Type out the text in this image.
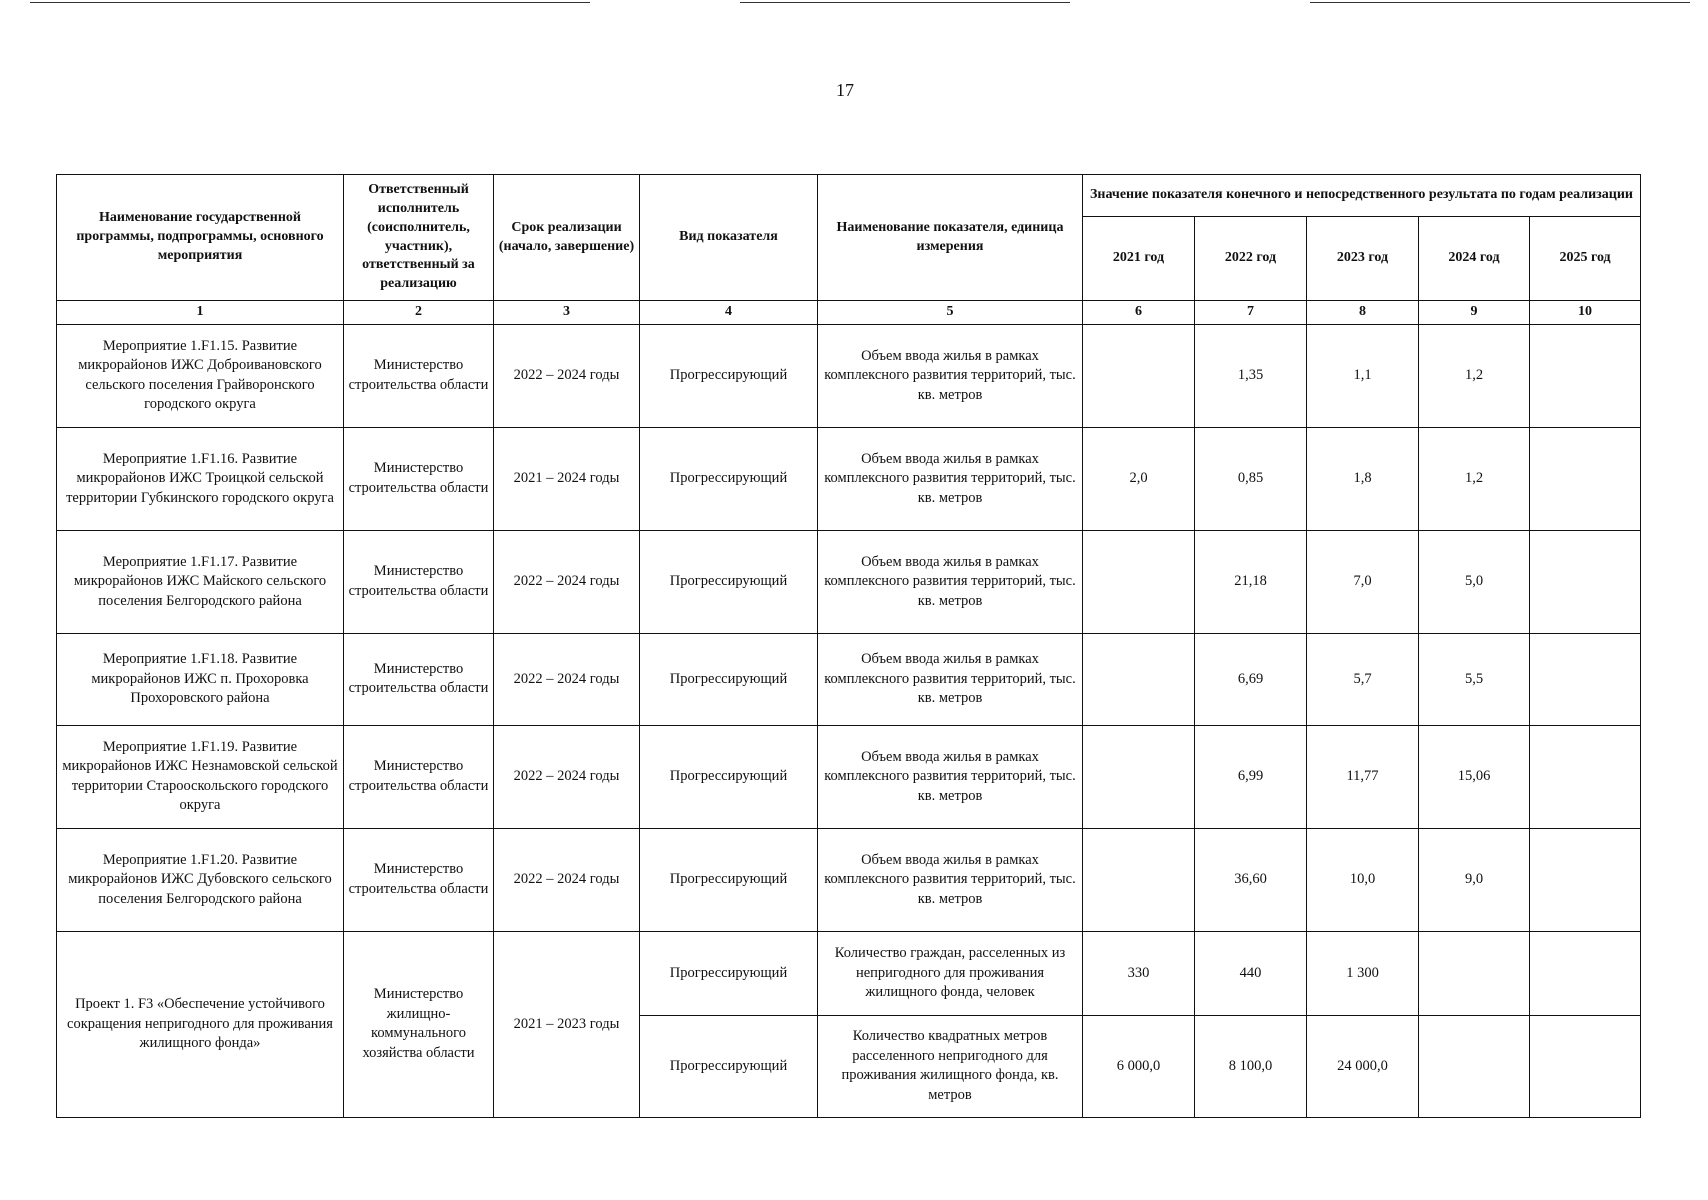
17
Наименование государственной программы, подпрограммы, основного мероприятия	Ответственный исполнитель (соисполнитель, участник), ответственный за реализацию	Срок реализации (начало, завершение)	Вид показателя	Наименование показателя, единица измерения	Значение показателя конечного и непосредственного результата по годам реализации				
					2021 год	2022 год	2023 год	2024 год	2025 год
1	2	3	4	5	6	7	8	9	10
Мероприятие 1.F1.15. Развитие микрорайонов ИЖС Доброивановского сельского поселения Грайворонского городского округа	Министерство строительства области	2022 – 2024 годы	Прогрессирующий	Объем ввода жилья в рамках комплексного развития территорий, тыс. кв. метров		1,35	1,1	1,2	
Мероприятие 1.F1.16. Развитие микрорайонов ИЖС Троицкой сельской территории Губкинского городского округа	Министерство строительства области	2021 – 2024 годы	Прогрессирующий	Объем ввода жилья в рамках комплексного развития территорий, тыс. кв. метров	2,0	0,85	1,8	1,2	
Мероприятие 1.F1.17. Развитие микрорайонов ИЖС Майского сельского поселения Белгородского района	Министерство строительства области	2022 – 2024 годы	Прогрессирующий	Объем ввода жилья в рамках комплексного развития территорий, тыс. кв. метров		21,18	7,0	5,0	
Мероприятие 1.F1.18. Развитие микрорайонов ИЖС п. Прохоровка Прохоровского района	Министерство строительства области	2022 – 2024 годы	Прогрессирующий	Объем ввода жилья в рамках комплексного развития территорий, тыс. кв. метров		6,69	5,7	5,5	
Мероприятие 1.F1.19. Развитие микрорайонов ИЖС Незнамовской сельской территории Старооскольского городского округа	Министерство строительства области	2022 – 2024 годы	Прогрессирующий	Объем ввода жилья в рамках комплексного развития территорий, тыс. кв. метров		6,99	11,77	15,06	
Мероприятие 1.F1.20. Развитие микрорайонов ИЖС Дубовского сельского поселения Белгородского района	Министерство строительства области	2022 – 2024 годы	Прогрессирующий	Объем ввода жилья в рамках комплексного развития территорий, тыс. кв. метров		36,60	10,0	9,0	
Проект 1. F3 «Обеспечение устойчивого сокращения непригодного для проживания жилищного фонда»	Министерство жилищно-коммунального хозяйства области	2021 – 2023 годы	Прогрессирующий	Количество граждан, расселенных из непригодного для проживания жилищного фонда, человек	330	440	1 300		
			Прогрессирующий	Количество квадратных метров расселенного непригодного для проживания жилищного фонда, кв. метров	6 000,0	8 100,0	24 000,0		
